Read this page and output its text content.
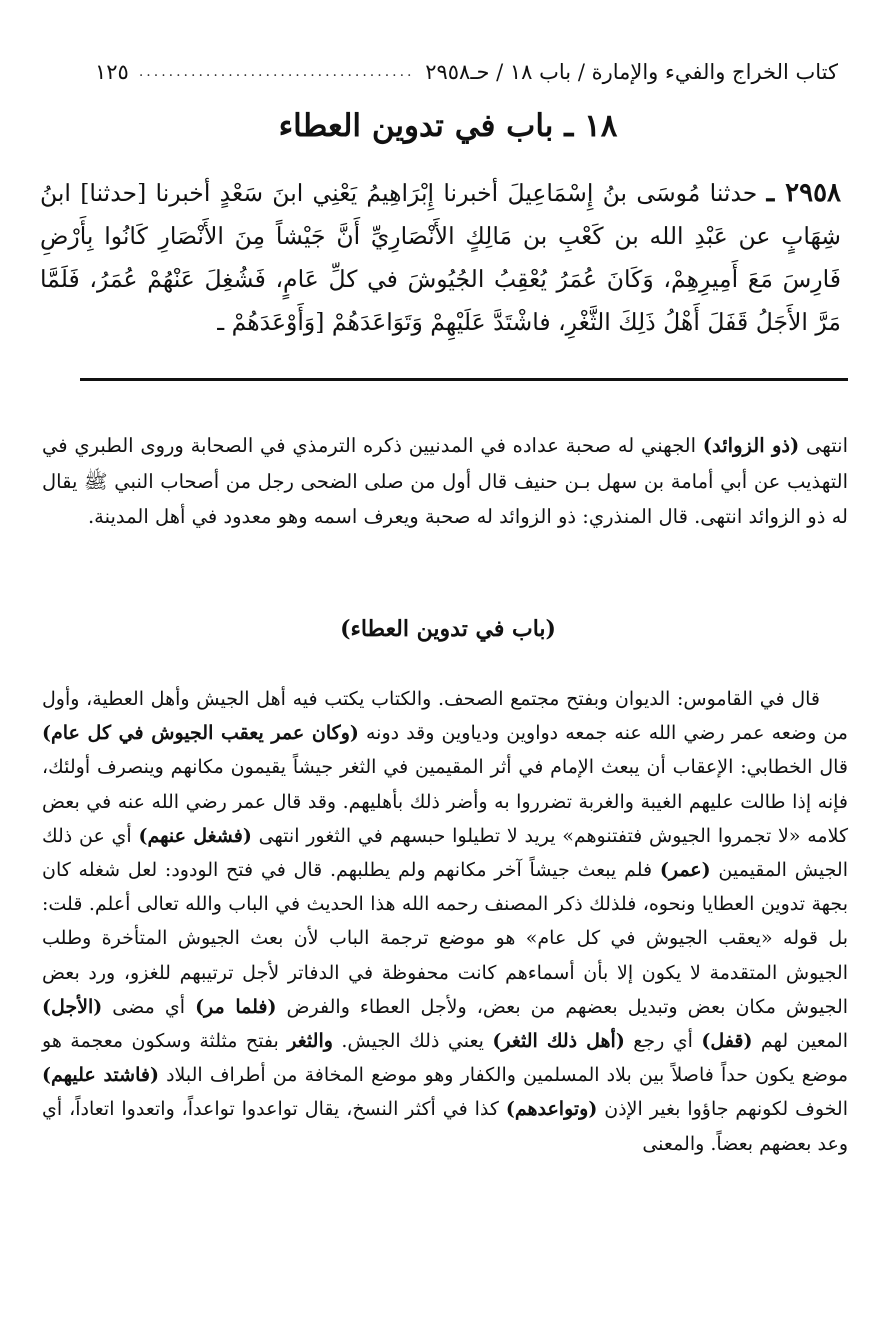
كتاب الخراج والفيء والإمارة / باب ١٨ / حـ٢٩٥٨
.....
١٢٥
١٨ ـ باب في تدوين العطاء
٢٩٥٨ ـ حدثنا مُوسَى بنُ إِسْمَاعِيلَ أخبرنا إِبْرَاهِيمُ يَعْنِي ابنَ سَعْدٍ أخبرنا [حدثنا] ابنُ شِهَابٍ عن عَبْدِ الله بن كَعْبِ بن مَالِكٍ الأَنْصَارِيِّ أَنَّ جَيْشاً مِنَ الأَنْصَارِ كَانُوا بِأَرْضِ فَارِسَ مَعَ أَمِيرِهِمْ، وَكَانَ عُمَرُ يُعْقِبُ الجُيُوشَ في كلِّ عَامٍ، فَشُغِلَ عَنْهُمْ عُمَرُ، فَلَمَّا مَرَّ الأَجَلُ قَفَلَ أَهْلُ ذَلِكَ الثَّغْرِ، فاشْتَدَّ عَلَيْهِمْ وَتَوَاعَدَهُمْ [وَأَوْعَدَهُمْ ـ
انتهى (ذو الزوائد) الجهني له صحبة عداده في المدنيين ذكره الترمذي في الصحابة وروى الطبري في التهذيب عن أبي أمامة بن سهل بـن حنيف قال أول من صلى الضحى رجل من أصحاب النبي ﷺ يقال له ذو الزوائد انتهى. قال المنذري: ذو الزوائد له صحبة ويعرف اسمه وهو معدود في أهل المدينة.
(باب في تدوين العطاء)

قال في القاموس: الديوان وبفتح مجتمع الصحف. والكتاب يكتب فيه أهل الجيش وأهل العطية، وأول من وضعه عمر رضي الله عنه جمعه دواوين ودياوين وقد دونه (وكان عمر يعقب الجيوش في كل عام) قال الخطابي: الإعقاب أن يبعث الإمام في أثر المقيمين في الثغر جيشاً يقيمون مكانهم وينصرف أولئك، فإنه إذا طالت عليهم الغيبة والغربة تضرروا به وأضر ذلك بأهليهم. وقد قال عمر رضي الله عنه في بعض كلامه «لا تجمروا الجيوش فتفتنوهم» يريد لا تطيلوا حبسهم في الثغور انتهى (فشغل عنهم) أي عن ذلك الجيش المقيمين (عمر) فلم يبعث جيشاً آخر مكانهم ولم يطلبهم. قال في فتح الودود: لعل شغله كان بجهة تدوين العطايا ونحوه، فلذلك ذكر المصنف رحمه الله هذا الحديث في الباب والله تعالى أعلم. قلت: بل قوله «يعقب الجيوش في كل عام» هو موضع ترجمة الباب لأن بعث الجيوش المتأخرة وطلب الجيوش المتقدمة لا يكون إلا بأن أسماءهم كانت محفوظة في الدفاتر لأجل ترتيبهم للغزو، ورد بعض الجيوش مكان بعض وتبديل بعضهم من بعض، ولأجل العطاء والفرض (فلما مر) أي مضى (الأجل) المعين لهم (قفل) أي رجع (أهل ذلك الثغر) يعني ذلك الجيش. والثغر بفتح مثلثة وسكون معجمة هو موضع يكون حداً فاصلاً بين بلاد المسلمين والكفار وهو موضع المخافة من أطراف البلاد (فاشتد عليهم) الخوف لكونهم جاؤوا بغير الإذن (وتواعدهم) كذا في أكثر النسخ، يقال تواعدوا تواعداً، واتعدوا اتعاداً، أي وعد بعضهم بعضاً. والمعنى
